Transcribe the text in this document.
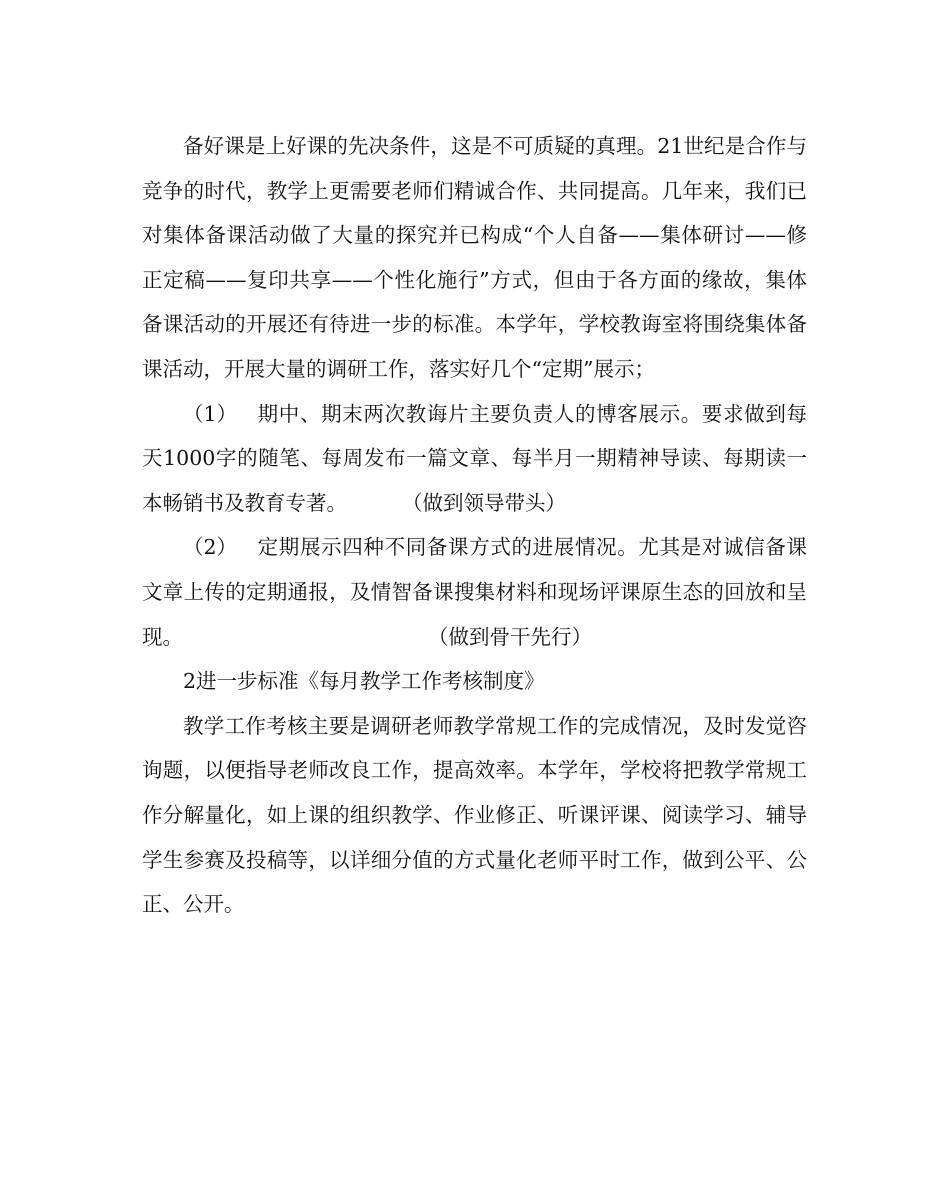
备好课是上好课的先决条件，这是不可质疑的真理。21世纪是合作与竞争的时代，教学上更需要老师们精诚合作、共同提高。几年来，我们已对集体备课活动做了大量的探究并已构成“个人自备——集体研讨——修正定稿——复印共享——个性化施行”方式，但由于各方面的缘故，集体备课活动的开展还有待进一步的标准。本学年，学校教诲室将围绕集体备课活动，开展大量的调研工作，落实好几个“定期”展示；

（1） 期中、期末两次教诲片主要负责人的博客展示。要求做到每天1000字的随笔、每周发布一篇文章、每半月一期精神导读、每期读一本畅销书及教育专著。	（做到领导带头）

（2） 定期展示四种不同备课方式的进展情况。尤其是对诚信备课文章上传的定期通报，及情智备课搜集材料和现场评课原生态的回放和呈现。	（做到骨干先行）

2进一步标准《每月教学工作考核制度》

教学工作考核主要是调研老师教学常规工作的完成情况，及时发觉咨询题，以便指导老师改良工作，提高效率。本学年，学校将把教学常规工作分解量化，如上课的组织教学、作业修正、听课评课、阅读学习、辅导学生参赛及投稿等，以详细分值的方式量化老师平时工作，做到公平、公正、公开。
